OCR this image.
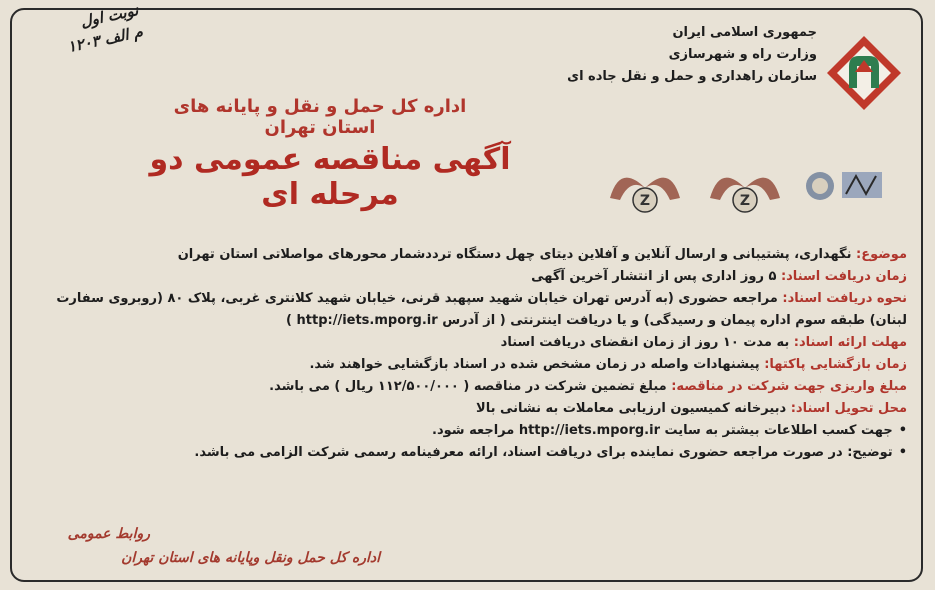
جمهوری اسلامی ایران
وزارت راه و شهرسازی
سازمان راهداری و حمل و نقل جاده ای
نوبت اول
م الف ۱۲۰۳
اداره کل حمل و نقل و پایانه های استان تهران
آگهی مناقصه عمومی دو مرحله ای	Z	Z
موضوع: نگهداری، پشتیبانی و ارسال آنلاین و آفلاین دیتای چهل دستگاه ترددشمار محورهای مواصلاتی استان تهران
زمان دریافت اسناد: ۵ روز اداری پس از انتشار آخرین آگهی
نحوه دریافت اسناد: مراجعه حضوری (به آدرس تهران خیابان شهید سپهبد قرنی، خیابان شهید کلانتری غربی، پلاک ۸۰ (روبروی سفارت
لبنان) طبقه سوم اداره پیمان و رسیدگی) و یا دریافت اینترنتی ( از آدرس http://iets.mporg.ir )
مهلت ارائه اسناد: به مدت ۱۰ روز از زمان انقضای دریافت اسناد
زمان بازگشایی پاکتها: پیشنهادات واصله در زمان مشخص شده در اسناد بازگشایی خواهند شد.
مبلغ واریزی جهت شرکت در مناقصه: مبلغ تضمین شرکت در مناقصه ( ۱۱۲/۵۰۰/۰۰۰ ریال ) می باشد.
محل تحویل اسناد: دبیرخانه کمیسیون ارزیابی معاملات به نشانی بالا
• جهت کسب اطلاعات بیشتر به سایت http://iets.mporg.ir مراجعه شود.
• توضیح: در صورت مراجعه حضوری نماینده برای دریافت اسناد، ارائه معرفینامه رسمی شرکت الزامی می باشد.
روابط عمومی
اداره کل حمل ونقل وپایانه های استان تهران
